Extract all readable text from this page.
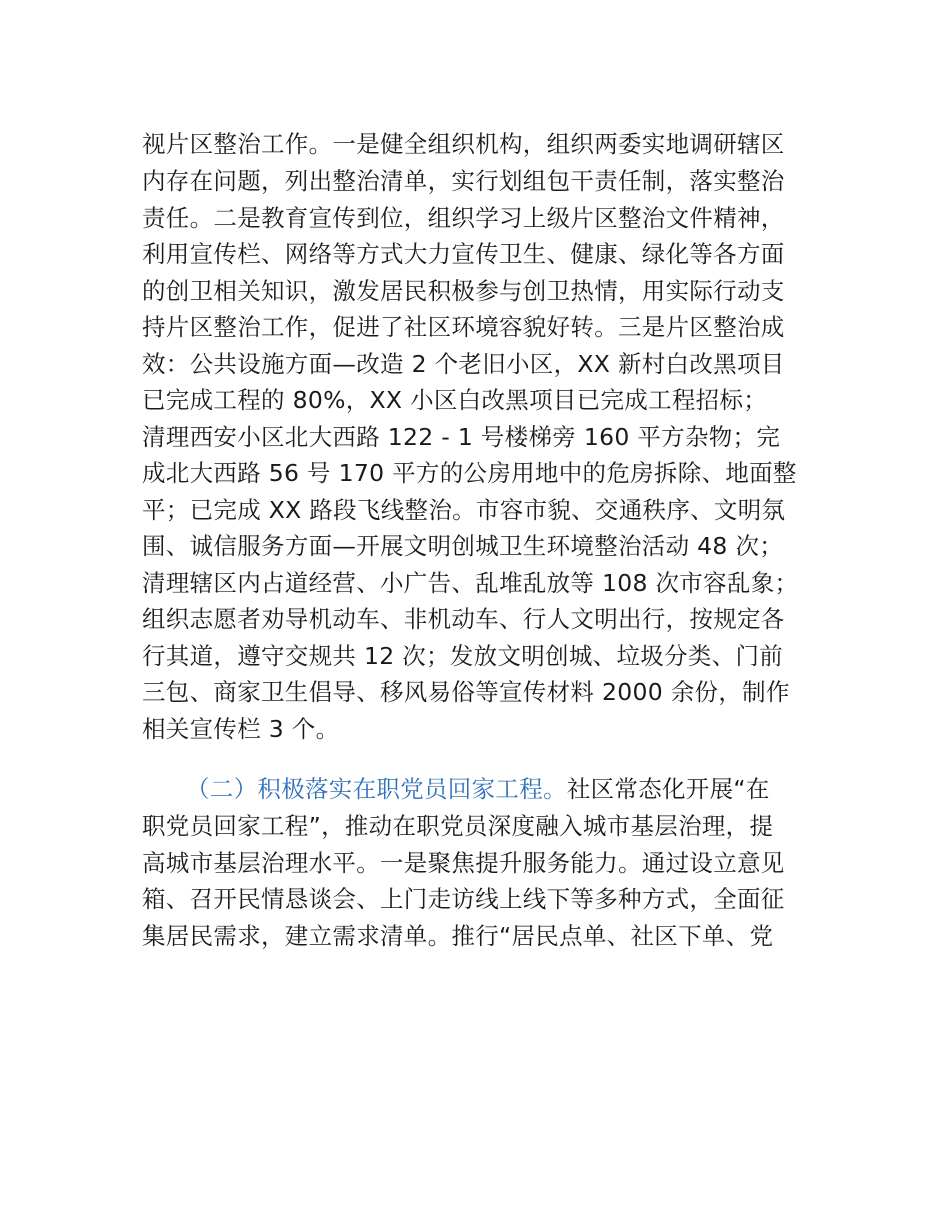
视片区整治工作。一是健全组织机构，组织两委实地调研辖区
内存在问题，列出整治清单，实行划组包干责任制，落实整治
责任。二是教育宣传到位，组织学习上级片区整治文件精神，
利用宣传栏、网络等方式大力宣传卫生、健康、绿化等各方面
的创卫相关知识，激发居民积极参与创卫热情，用实际行动支
持片区整治工作，促进了社区环境容貌好转。三是片区整治成
效：公共设施方面—改造 2 个老旧小区，XX 新村白改黑项目
已完成工程的 80%，XX 小区白改黑项目已完成工程招标；
清理西安小区北大西路 122 - 1 号楼梯旁 160 平方杂物；完
成北大西路 56 号 170 平方的公房用地中的危房拆除、地面整
平；已完成 XX 路段飞线整治。市容市貌、交通秩序、文明氛
围、诚信服务方面—开展文明创城卫生环境整治活动 48 次；
清理辖区内占道经营、小广告、乱堆乱放等 108 次市容乱象；
组织志愿者劝导机动车、非机动车、行人文明出行，按规定各
行其道，遵守交规共 12 次；发放文明创城、垃圾分类、门前
三包、商家卫生倡导、移风易俗等宣传材料 2000 余份，制作
相关宣传栏 3 个。
（二）积极落实在职党员回家工程。社区常态化开展“在
职党员回家工程”，推动在职党员深度融入城市基层治理，提
高城市基层治理水平。一是聚焦提升服务能力。通过设立意见
箱、召开民情恳谈会、上门走访线上线下等多种方式，全面征
集居民需求，建立需求清单。推行“居民点单、社区下单、党
